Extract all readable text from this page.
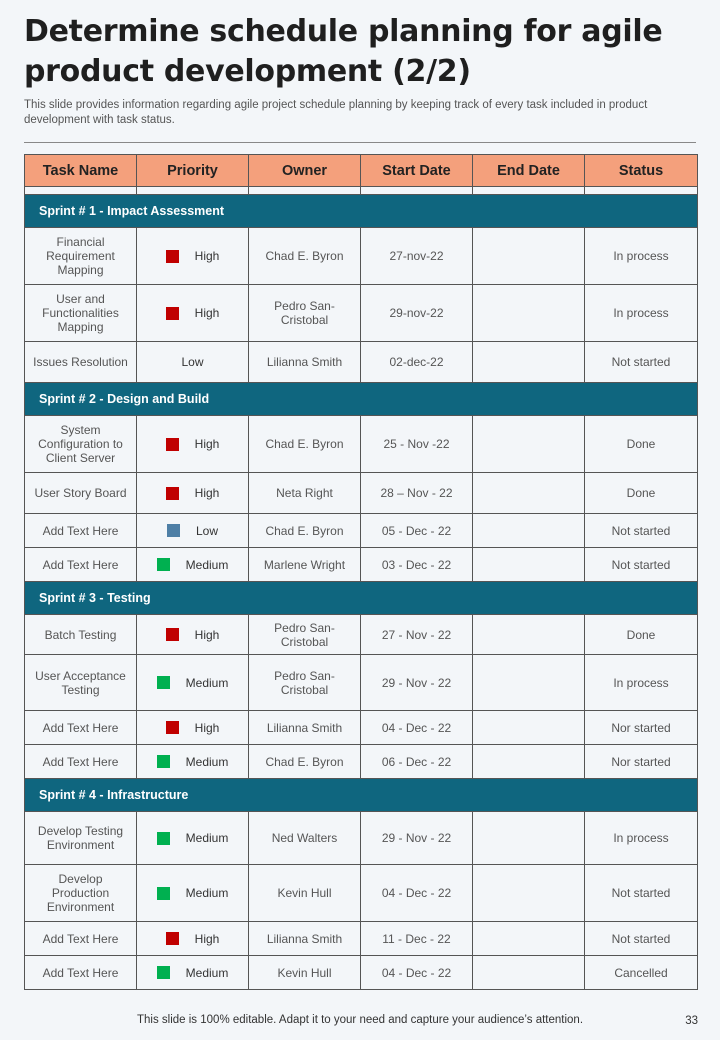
Determine schedule planning for agile product development (2/2)
This slide provides information regarding agile project schedule planning by keeping track of every task included in product development with task status.
Task Name	Priority	Owner	Start Date	End Date	Status

Sprint # 1 - Impact Assessment					
Financial Requirement Mapping	High	Chad E. Byron	27-nov-22		In process
User and Functionalities Mapping	High	Pedro San-Cristobal	29-nov-22		In process
Issues Resolution	Low	Lilianna Smith	02-dec-22		Not started
Sprint # 2 - Design and Build					
System Configuration to Client Server	High	Chad E. Byron	25 - Nov -22		Done
User Story Board	High	Neta Right	28 – Nov - 22		Done
Add Text Here	Low	Chad E. Byron	05 - Dec - 22		Not started
Add Text Here	Medium	Marlene Wright	03 - Dec - 22		Not started
Sprint # 3 - Testing					
Batch Testing	High	Pedro San-Cristobal	27 - Nov - 22		Done
User Acceptance Testing	Medium	Pedro San-Cristobal	29 - Nov - 22		In process
Add Text Here	High	Lilianna Smith	04 - Dec - 22		Nor started
Add Text Here	Medium	Chad E. Byron	06 - Dec - 22		Nor started
Sprint # 4 - Infrastructure					
Develop Testing Environment	Medium	Ned Walters	29 - Nov - 22		In process
Develop Production Environment	Medium	Kevin Hull	04 - Dec - 22		Not started
Add Text Here	High	Lilianna Smith	11 - Dec - 22		Not started
Add Text Here	Medium	Kevin Hull	04 - Dec - 22		Cancelled
This slide is 100% editable. Adapt it to your need and capture your audience’s attention.	33
